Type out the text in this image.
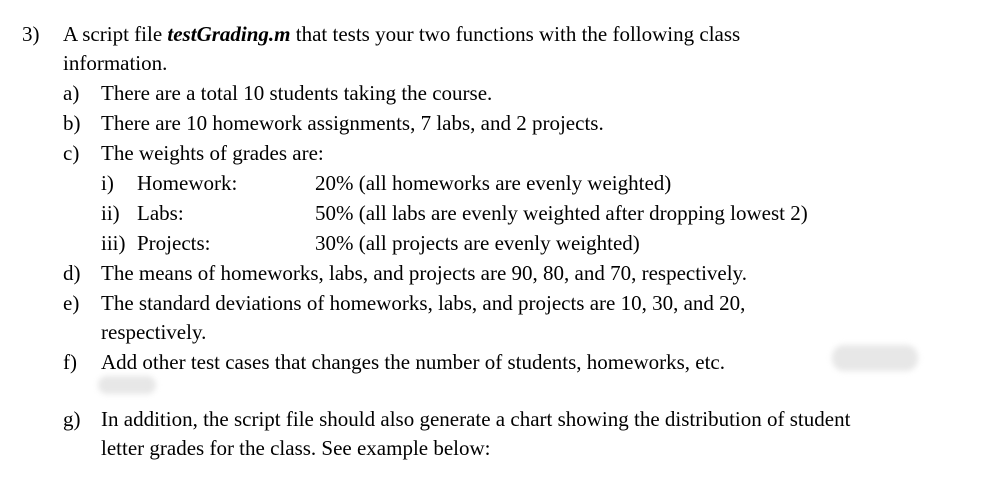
3) A script file testGrading.m that tests your two functions with the following class
information.
a) There are a total 10 students taking the course.
b) There are 10 homework assignments, 7 labs, and 2 projects.
c) The weights of grades are:
i) Homework:	20% (all homeworks are evenly weighted)
ii) Labs:	50% (all labs are evenly weighted after dropping lowest 2)
iii) Projects:	30% (all projects are evenly weighted)
d) The means of homeworks, labs, and projects are 90, 80, and 70, respectively.
e) The standard deviations of homeworks, labs, and projects are 10, 30, and 20,
respectively.
f) Add other test cases that changes the number of students, homeworks, etc.
g) In addition, the script file should also generate a chart showing the distribution of student
letter grades for the class. See example below:
